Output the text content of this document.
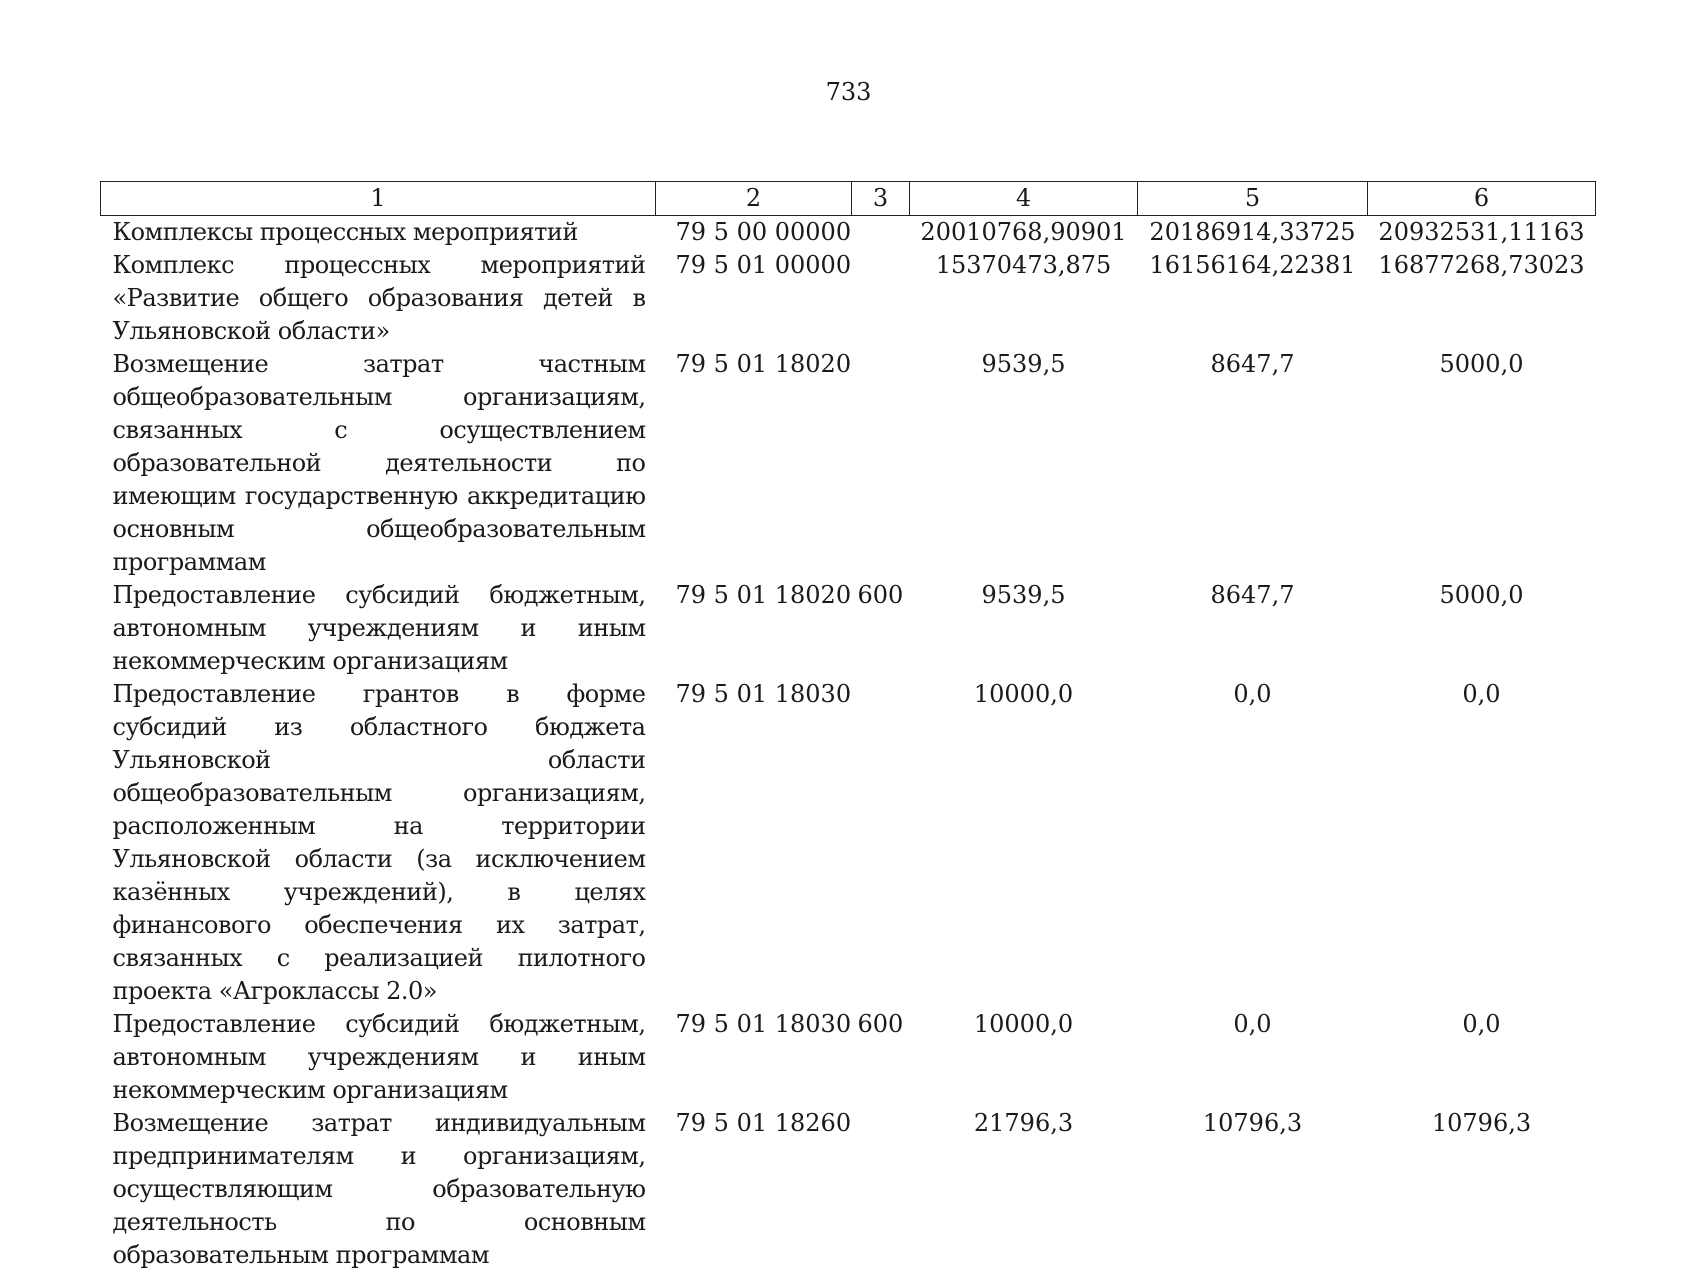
733
1	2	3	4	5	6
Комплексы процессных мероприятий	79 5 00 00000		20010768,90901	20186914,33725	20932531,11163
Комплекс процессных мероприятий «Развитие общего образования детей в Ульяновской области»	79 5 01 00000		15370473,875	16156164,22381	16877268,73023
Возмещение затрат частным общеобразовательным организациям, связанных с осуществлением образовательной деятельности по имеющим государственную аккредитацию основным общеобразовательным программам	79 5 01 18020		9539,5	8647,7	5000,0
Предоставление субсидий бюджетным, автономным учреждениям и иным некоммерческим организациям	79 5 01 18020	600	9539,5	8647,7	5000,0
Предоставление грантов в форме субсидий из областного бюджета Ульяновской области общеобразовательным организациям, расположенным на территории Ульяновской области (за исключением казённых учреждений), в целях финансового обеспечения их затрат, связанных с реализацией пилотного проекта «Агроклассы 2.0»	79 5 01 18030		10000,0	0,0	0,0
Предоставление субсидий бюджетным, автономным учреждениям и иным некоммерческим организациям	79 5 01 18030	600	10000,0	0,0	0,0
Возмещение затрат индивидуальным предпринимателям и организациям, осуществляющим образовательную деятельность по основным образовательным программам	79 5 01 18260		21796,3	10796,3	10796,3
